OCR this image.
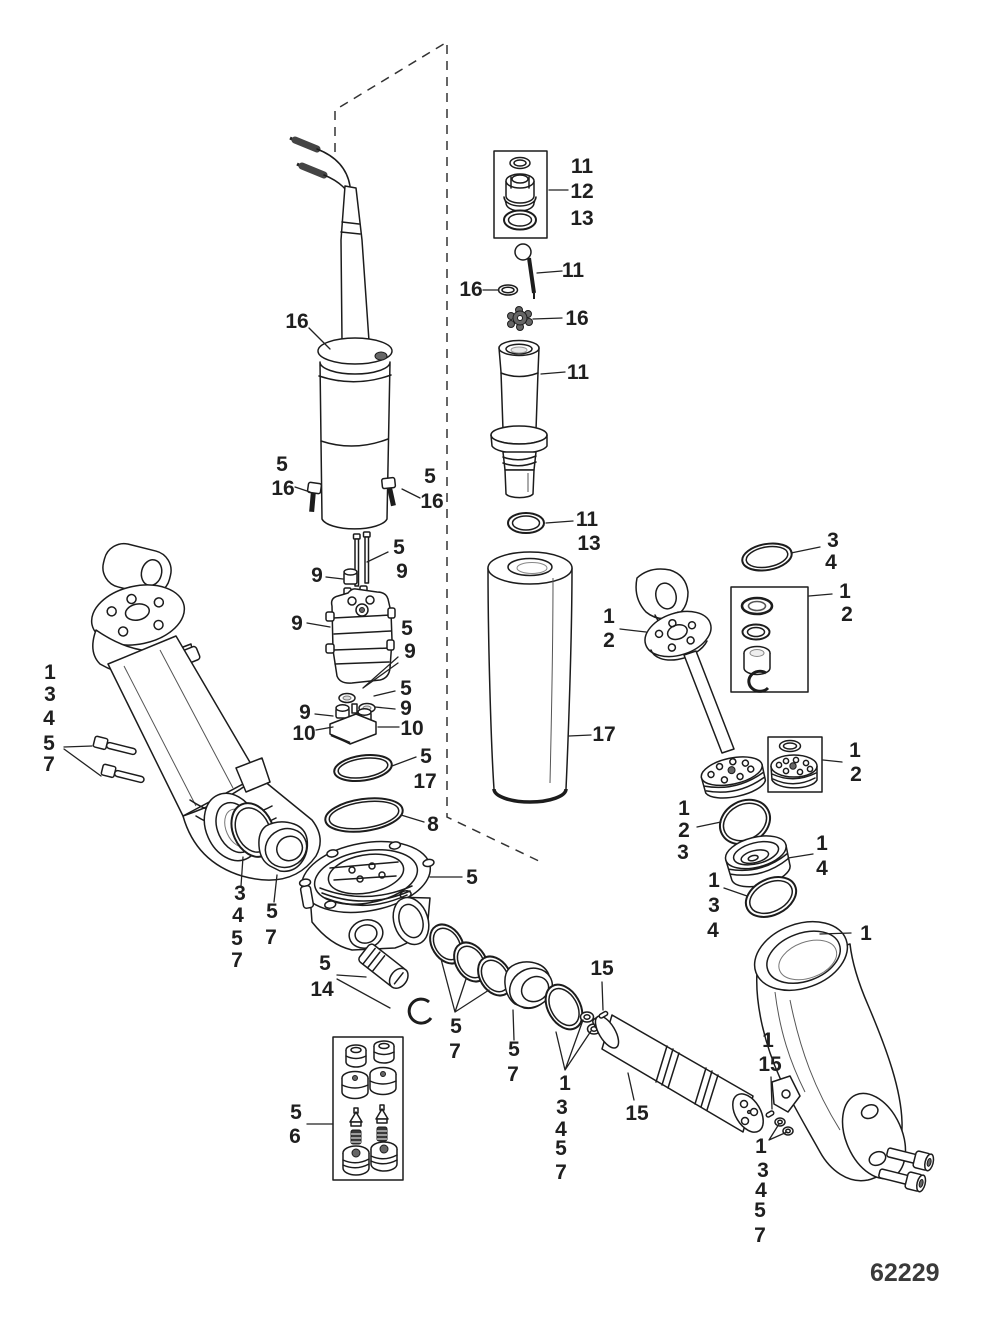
11
12
13
11
16
16
11
11
13
16
5
16
5
16
5
9
9
9	5
9
5
9
10
9
10
5
17
8
17
1
2
3
4
1
2
1
2
1
2
3	1
4
1
3
4	1
1
3
4
5
7
3
4
5
7
5
7
5
14
5
6
5
5
7 5
7 1
3
4
5
7
15
15
1
15
1
3
4
5
7
62229
